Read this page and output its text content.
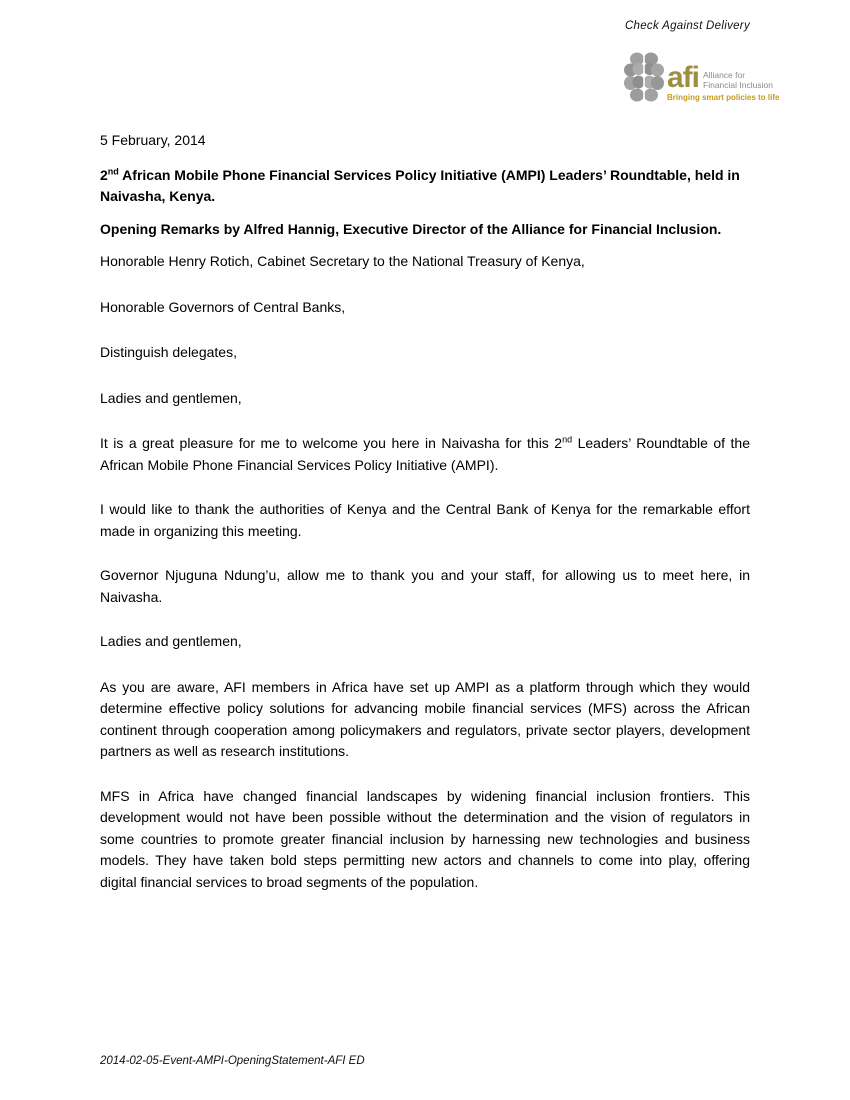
Check Against Delivery
afi Alliance for
Financial Inclusion
Bringing smart policies to life

5 February, 2014

2nd African Mobile Phone Financial Services Policy Initiative (AMPI) Leaders’ Roundtable, held in Naivasha, Kenya.

Opening Remarks by Alfred Hannig, Executive Director of the Alliance for Financial Inclusion.

Honorable Henry Rotich, Cabinet Secretary to the National Treasury of Kenya,

Honorable Governors of Central Banks,

Distinguish delegates,

Ladies and gentlemen,

It is a great pleasure for me to welcome you here in Naivasha for this 2nd Leaders’ Roundtable of the African Mobile Phone Financial Services Policy Initiative (AMPI).

I would like to thank the authorities of Kenya and the Central Bank of Kenya for the remarkable effort made in organizing this meeting.

Governor Njuguna Ndung’u, allow me to thank you and your staff, for allowing us to meet here, in Naivasha.

Ladies and gentlemen,

As you are aware, AFI members in Africa have set up AMPI as a platform through which they would determine effective policy solutions for advancing mobile financial services (MFS) across the African continent through cooperation among policymakers and regulators, private sector players, development partners as well as research institutions.

MFS in Africa have changed financial landscapes by widening financial inclusion frontiers. This development would not have been possible without the determination and the vision of regulators in some countries to promote greater financial inclusion by harnessing new technologies and business models. They have taken bold steps permitting new actors and channels to come into play, offering digital financial services to broad segments of the population.

2014-02-05-Event-AMPI-OpeningStatement-AFI ED
